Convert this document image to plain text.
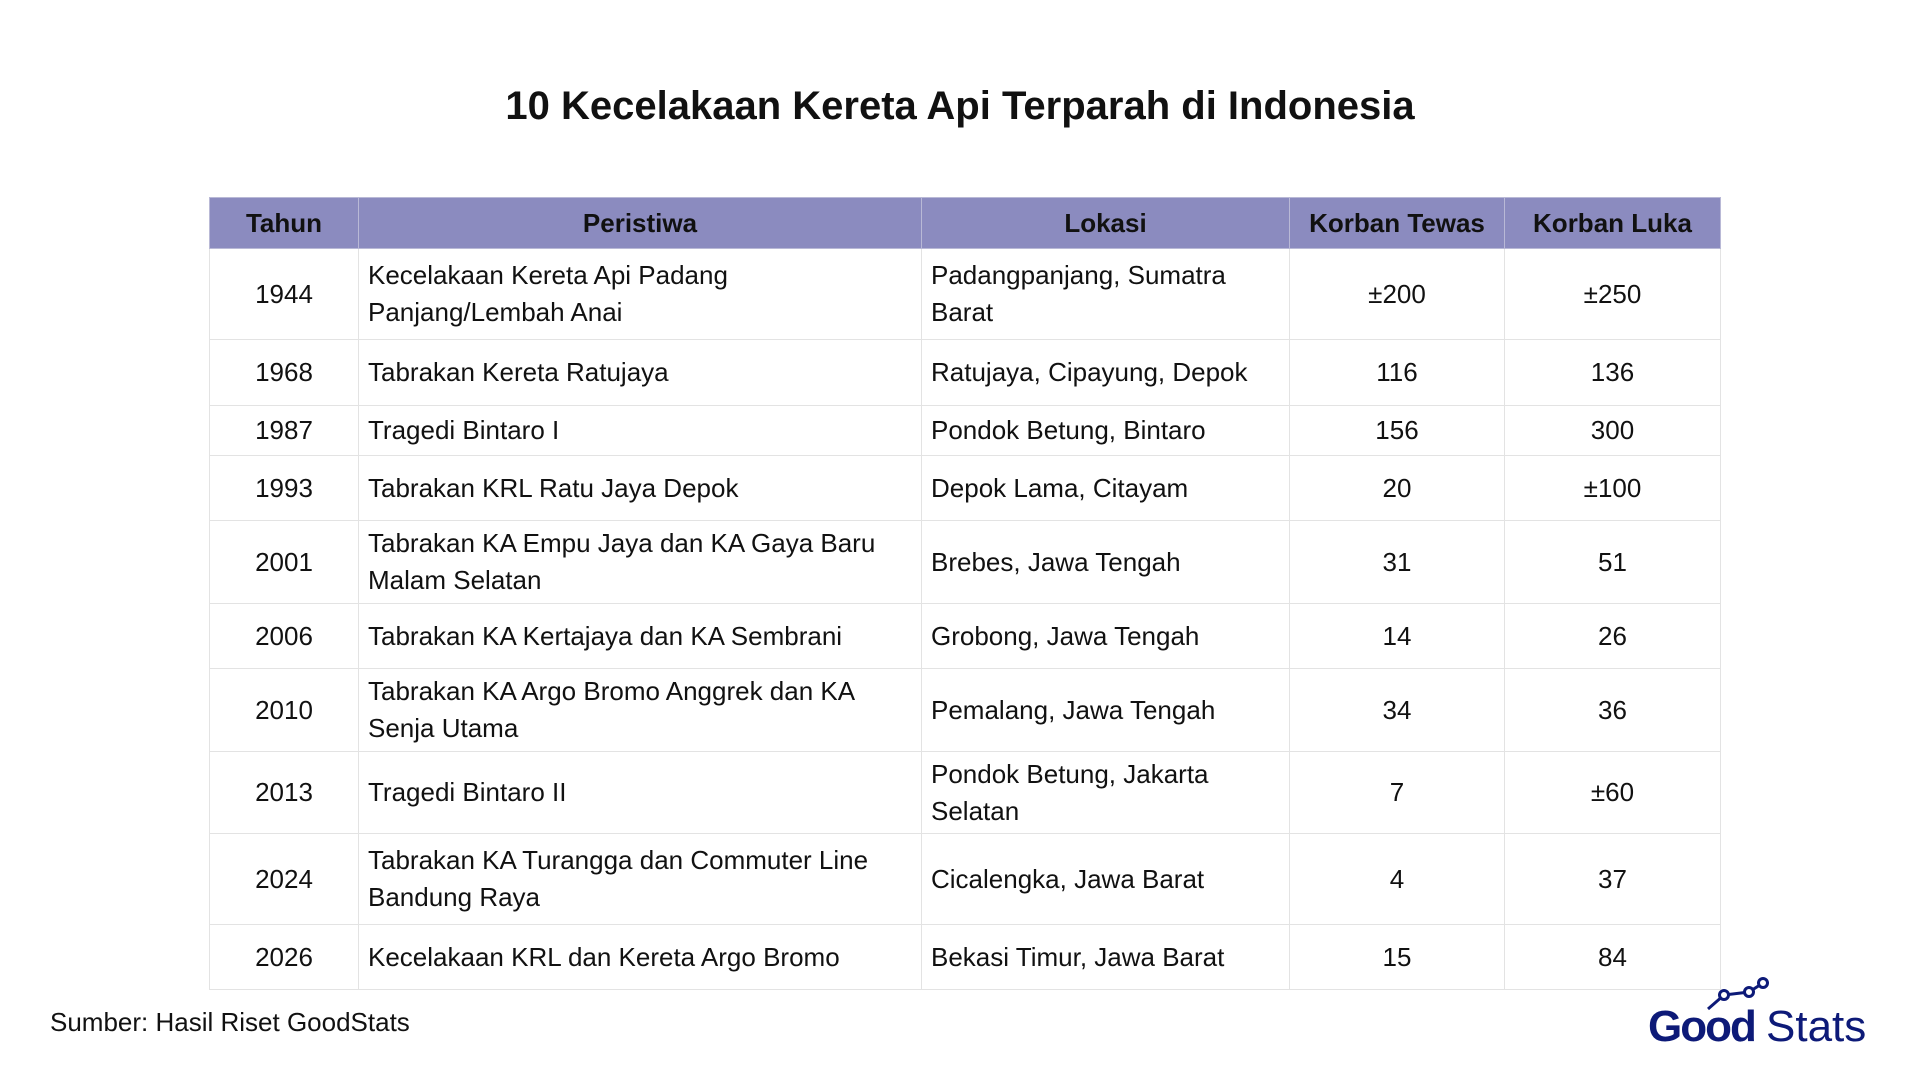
10 Kecelakaan Kereta Api Terparah di Indonesia
Tahun	Peristiwa	Lokasi	Korban Tewas	Korban Luka
1944	Kecelakaan Kereta Api Padang Panjang/Lembah Anai	Padangpanjang, Sumatra Barat	±200	±250
1968	Tabrakan Kereta Ratujaya	Ratujaya, Cipayung, Depok	116	136
1987	Tragedi Bintaro I	Pondok Betung, Bintaro	156	300
1993	Tabrakan KRL Ratu Jaya Depok	Depok Lama, Citayam	20	±100
2001	Tabrakan KA Empu Jaya dan KA Gaya Baru Malam Selatan	Brebes, Jawa Tengah	31	51
2006	Tabrakan KA Kertajaya dan KA Sembrani	Grobong, Jawa Tengah	14	26
2010	Tabrakan KA Argo Bromo Anggrek dan KA Senja Utama	Pemalang, Jawa Tengah	34	36
2013	Tragedi Bintaro II	Pondok Betung, Jakarta Selatan	7	±60
2024	Tabrakan KA Turangga dan Commuter Line Bandung Raya	Cicalengka, Jawa Barat	4	37
2026	Kecelakaan KRL dan Kereta Argo Bromo	Bekasi Timur, Jawa Barat	15	84
Sumber: Hasil Riset GoodStats	Good Stats
